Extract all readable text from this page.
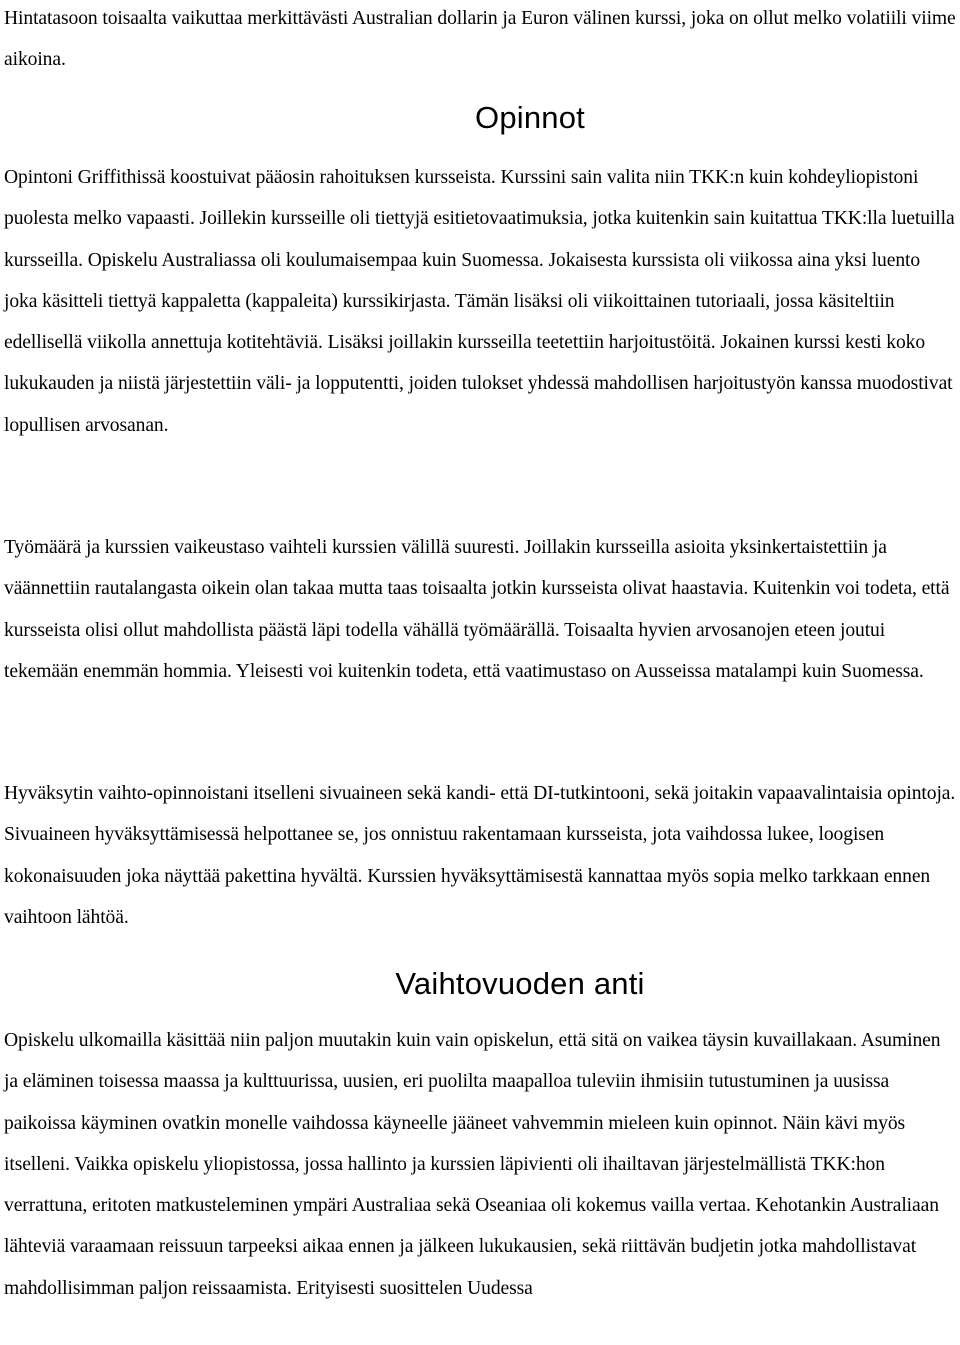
Hintatasoon toisaalta vaikuttaa merkittävästi Australian dollarin ja Euron välinen kurssi, joka on ollut melko volatiili viime aikoina.

Opinnot

Opintoni Griffithissä koostuivat pääosin rahoituksen kursseista. Kurssini sain valita niin TKK:n kuin kohdeyliopistoni puolesta melko vapaasti. Joillekin kursseille oli tiettyjä esitietovaatimuksia, jotka kuitenkin sain kuitattua TKK:lla luetuilla kursseilla. Opiskelu Australiassa oli koulumaisempaa kuin Suomessa. Jokaisesta kurssista oli viikossa aina yksi luento joka käsitteli tiettyä kappaletta (kappaleita) kurssikirjasta. Tämän lisäksi oli viikoittainen tutoriaali, jossa käsiteltiin edellisellä viikolla annettuja kotitehtäviä. Lisäksi joillakin kursseilla teetettiin harjoitustöitä. Jokainen kurssi kesti koko lukukauden ja niistä järjestettiin väli- ja lopputentti, joiden tulokset yhdessä mahdollisen harjoitustyön kanssa muodostivat lopullisen arvosanan.

Työmäärä ja kurssien vaikeustaso vaihteli kurssien välillä suuresti. Joillakin kursseilla asioita yksinkertaistettiin ja väännettiin rautalangasta oikein olan takaa mutta taas toisaalta jotkin kursseista olivat haastavia. Kuitenkin voi todeta, että kursseista olisi ollut mahdollista päästä läpi todella vähällä työmäärällä. Toisaalta hyvien arvosanojen eteen joutui tekemään enemmän hommia. Yleisesti voi kuitenkin todeta, että vaatimustaso on Ausseissa matalampi kuin Suomessa.

Hyväksytin vaihto-opinnoistani itselleni sivuaineen sekä kandi- että DI-tutkintooni, sekä joitakin vapaavalintaisia opintoja. Sivuaineen hyväksyttämisessä helpottanee se, jos onnistuu rakentamaan kursseista, jota vaihdossa lukee, loogisen kokonaisuuden joka näyttää pakettina hyvältä. Kurssien hyväksyttämisestä kannattaa myös sopia melko tarkkaan ennen vaihtoon lähtöä.

Vaihtovuoden anti

Opiskelu ulkomailla käsittää niin paljon muutakin kuin vain opiskelun, että sitä on vaikea täysin kuvaillakaan. Asuminen ja eläminen toisessa maassa ja kulttuurissa, uusien, eri puolilta maapalloa tuleviin ihmisiin tutustuminen ja uusissa paikoissa käyminen ovatkin monelle vaihdossa käyneelle jääneet vahvemmin mieleen kuin opinnot. Näin kävi myös itselleni. Vaikka opiskelu yliopistossa, jossa hallinto ja kurssien läpivienti oli ihailtavan järjestelmällistä TKK:hon verrattuna, eritoten matkusteleminen ympäri Australiaa sekä Oseaniaa oli kokemus vailla vertaa. Kehotankin Australiaan lähteviä varaamaan reissuun tarpeeksi aikaa ennen ja jälkeen lukukausien, sekä riittävän budjetin jotka mahdollistavat mahdollisimman paljon reissaamista. Erityisesti suosittelen Uudessa
